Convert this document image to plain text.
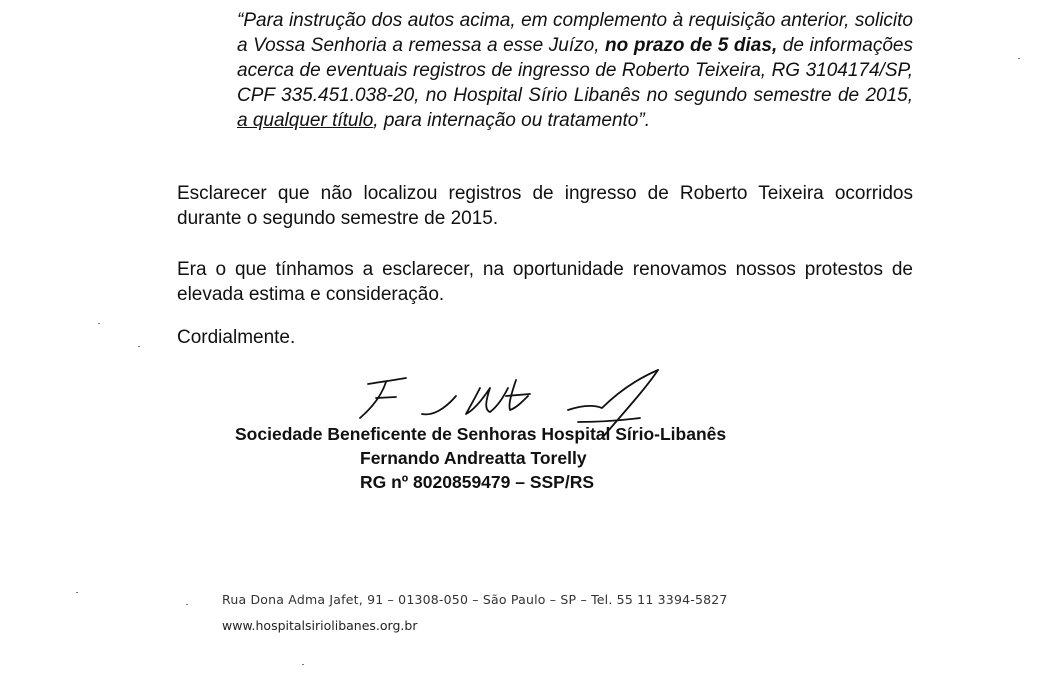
“Para instrução dos autos acima, em complemento à requisição anterior, solicito a Vossa Senhoria a remessa a esse Juízo, no prazo de 5 dias, de informações acerca de eventuais registros de ingresso de Roberto Teixeira, RG 3104174/SP, CPF 335.451.038-20, no Hospital Sírio Libanês no segundo semestre de 2015, a qualquer título, para internação ou tratamento”.

Esclarecer que não localizou registros de ingresso de Roberto Teixeira ocorridos durante o segundo semestre de 2015.

Era o que tínhamos a esclarecer, na oportunidade renovamos nossos protestos de elevada estima e consideração.

Cordialmente.

Sociedade Beneficente de Senhoras Hospital Sírio-Libanês
Fernando Andreatta Torelly
RG nº 8020859479 – SSP/RS
Rua Dona Adma Jafet, 91 – 01308-050 – São Paulo – SP – Tel. 55 11 3394-5827
www.hospitalsiriolibanes.org.br
